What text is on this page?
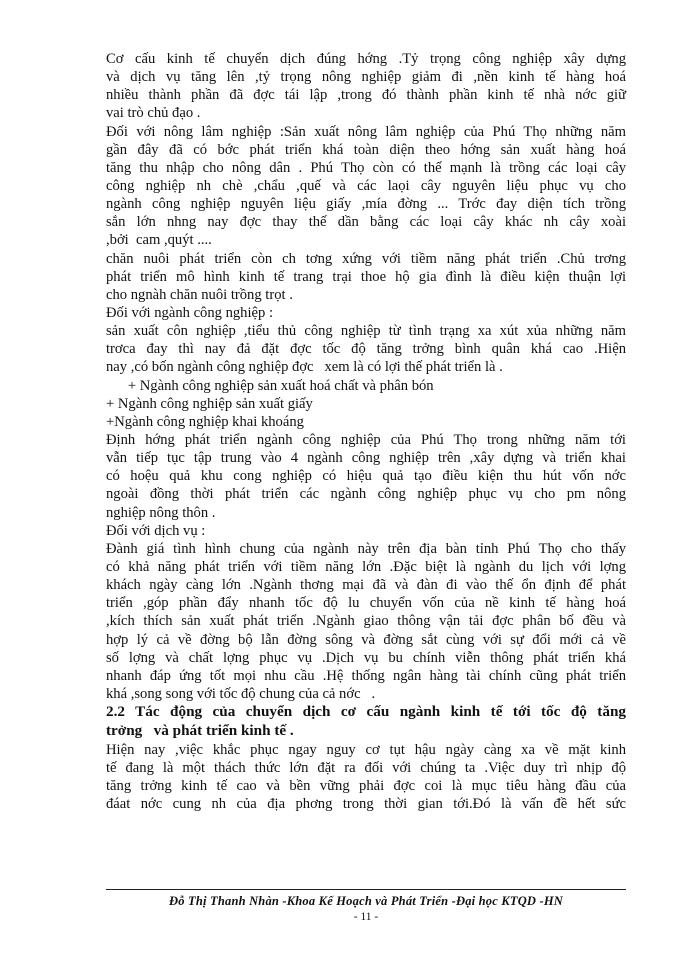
Cơ cấu kinh tế chuyển dịch đúng hớng .Tỷ trọng công nghiệp xây dựng
và dịch vụ tăng lên ,tỷ trọng nông nghiệp giảm đi ,nền kinh tế hàng hoá
nhiều thành phần đã đợc tái lập ,trong đó thành phần kinh tế nhà nớc giữ
vai trò chủ đạo .
Đối với nông lâm nghiệp :Sản xuất nông lâm nghiệp của Phú Thọ những năm
gần đây đã có bớc phát triển khá toàn diện theo hớng sản xuất hàng hoá
tăng thu nhập cho nông dân . Phú Thọ còn có thế mạnh là trồng các loại cây
công nghiệp nh chè ,chẩu ,quế và các laọi cây nguyên liệu phục vụ cho
ngành công nghiệp nguyên liệu giấy ,mía đờng ... Trớc đay diện tích trồng
sắn lớn nhng nay đợc thay thế dần bằng các loại cây khác nh cây xoài
,bởi  cam ,quýt ....
chăn nuôi phát triển còn ch tơng xứng với tiềm năng phát triển .Chủ trơng
phát triển mô hình kinh tế trang trại thoe hộ gia đình là điều kiện thuận lợi
cho ngnàh chăn nuôi trồng trọt .
Đối với ngành công nghiệp :
sản xuất côn nghiệp ,tiểu thủ công nghiệp từ tình trạng xa xút xủa những năm
trơca đay thì nay đả đặt đợc tốc độ tăng trởng bình quân khá cao .Hiện
nay ,có bốn ngành công nghiệp đợc   xem là có lợi thế phát triển là .
+ Ngành công nghiệp sản xuất hoá chất và phân bón
+ Ngành công nghiệp sản xuất giấy
+Ngành công nghiệp khai khoáng
Định hớng phát triển ngành công nghiệp của Phú Thọ trong những năm tới
vẫn tiếp tục tập trung vào 4 ngành công nghiệp trên ,xây dựng và triển khai
có hoệu quả khu cong nghiệp có hiệu quả tạo điều kiện thu hút vốn nớc
ngoài đồng thời phát triển các ngành công nghiệp phục vụ cho pm nông
nghiệp nông thôn .
Đối với dịch vụ :
Đành giá tình hình chung của ngành này trên địa bàn tỉnh Phú Thọ cho thấy
có khả năng phát triển với tiềm năng lớn .Đặc biệt là ngành du lịch với lợng
khách ngày càng lớn .Ngành thơng mại đã và đàn đi vào thế ổn định để phát
triển ,góp phần đẩy nhanh tốc độ lu chuyển vốn của nề kinh tế hàng hoá
,kích thích sản xuất phát triển .Ngành giao thông vận tải đợc phân bố đều và
hợp lý cả về đờng bộ lẫn đờng sông và đờng sắt cùng với sự đổi mới cả về
số lợng và chất lợng phục vụ .Dịch vụ bu chính viễn thông phát triển khá
nhanh đáp ứng tốt mọi nhu cầu .Hệ thống ngân hàng tài chính cũng phát triển
khá ,song song với tốc độ chung của cả nớc   .
2.2 Tác động của chuyển dịch cơ cấu ngành kinh tế tới tốc độ tăng
trởng   và phát triển kinh tế .
Hiện nay ,việc khắc phục ngay nguy cơ tụt hậu ngày càng xa về mặt kinh
tế đang là một thách thức lớn đặt ra đối với chúng ta .Việc duy trì nhịp độ
tăng trởng kinh tế cao và bền vững phải đợc coi là mục tiêu hàng đầu của
đáat nớc cung nh của địa phơng trong thời gian tới.Đó là vấn đề hết sức
Đỗ Thị Thanh Nhàn -Khoa Kế Hoạch và Phát Triển -Đại học KTQD -HN
- 11 -
